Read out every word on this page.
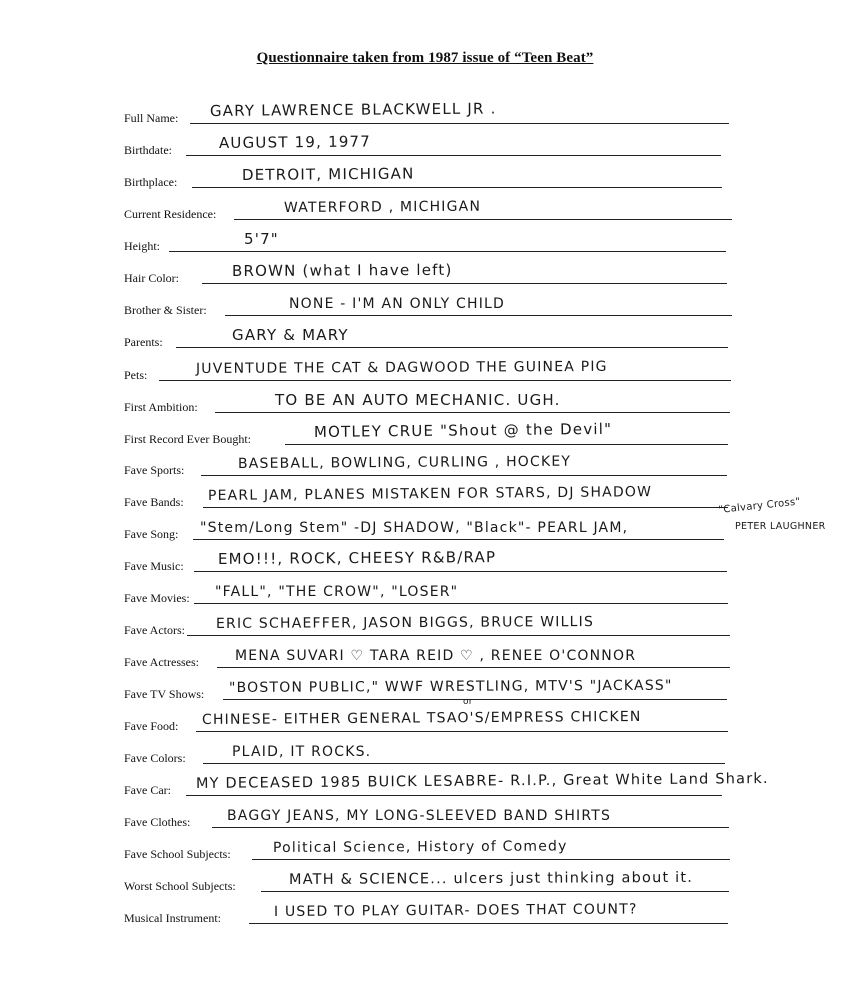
Questionnaire taken from 1987 issue of “Teen Beat”
Full Name: GARY LAWRENCE BLACKWELL JR .
Birthdate:	AUGUST 19, 1977
Birthplace:	DETROIT, MICHIGAN
Current Residence:	WATERFORD , MICHIGAN
Height:	5'7"
Hair Color:	BROWN (what I have left)
Brother & Sister:	NONE - I'M AN ONLY CHILD
Parents:	GARY & MARY
Pets:	JUVENTUDE THE CAT & DAGWOOD THE GUINEA PIG
First Ambition:	TO BE AN AUTO MECHANIC. UGH.
First Record Ever Bought:	MOTLEY CRUE "Shout @ the Devil"
Fave Sports:	BASEBALL, BOWLING, CURLING , HOCKEY
Fave Bands: PEARL JAM, PLANES MISTAKEN FOR STARS, DJ SHADOW
Fave Song: "Stem/Long Stem" -DJ SHADOW, "Black"- PEARL JAM,
Fave Music: EMO!!!, ROCK, CHEESY R&B/RAP
Fave Movies: "FALL", "THE CROW", "LOSER"
Fave Actors: ERIC SCHAEFFER, JASON BIGGS, BRUCE WILLIS
Fave Actresses:	MENA SUVARI ♡ TARA REID ♡ , RENEE O'CONNOR
Fave TV Shows: "BOSTON PUBLIC," WWF WRESTLING, MTV'S "JACKASS"
Fave Food: CHINESE- EITHER GENERAL TSAO'S/EMPRESS CHICKEN
Fave Colors:	PLAID, IT ROCKS.
Fave Car: MY DECEASED 1985 BUICK LESABRE- R.I.P., Great White Land Shark.
Fave Clothes:	BAGGY JEANS, MY LONG-SLEEVED BAND SHIRTS
Fave School Subjects:	Political Science, History of Comedy
Worst School Subjects:	MATH & SCIENCE... ulcers just thinking about it.
Musical Instrument:	I USED TO PLAY GUITAR- DOES THAT COUNT?
"Calvary Cross"
PETER LAUGHNER
or
